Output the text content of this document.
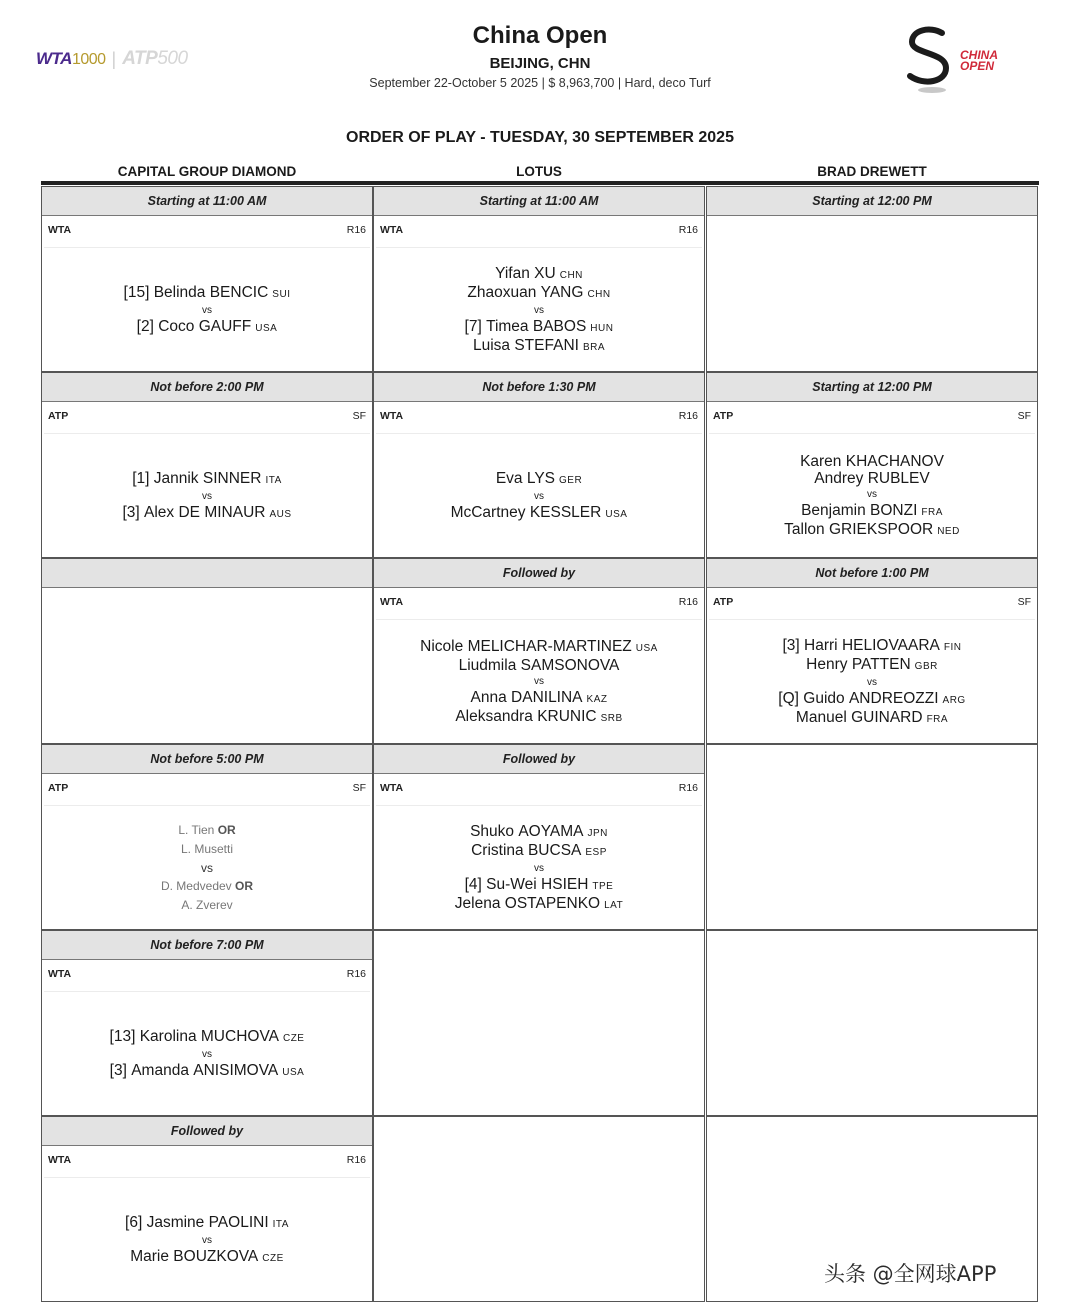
WTA1000 | ATP500
China Open
BEIJING, CHN
September 22-October 5 2025 | $ 8,963,700 | Hard, deco Turf
CHINA
OPEN
ORDER OF PLAY - TUESDAY, 30 SEPTEMBER 2025
CAPITAL GROUP DIAMOND	LOTUS	BRAD DREWETT
Starting at 11:00 AM
WTA	R16
[15] Belinda BENCIC SUI
vs
[2] Coco GAUFF USA
Not before 2:00 PM
ATP	SF
[1] Jannik SINNER ITA
vs
[3] Alex DE MINAUR AUS
Not before 5:00 PM
ATP	SF
L. Tien OR
L. Musetti
vs
D. Medvedev OR
A. Zverev
Not before 7:00 PM
WTA	R16
[13] Karolina MUCHOVA CZE
vs
[3] Amanda ANISIMOVA USA
Followed by
WTA	R16
[6] Jasmine PAOLINI ITA
vs
Marie BOUZKOVA CZE
Starting at 11:00 AM
WTA	R16
Yifan XU CHN
Zhaoxuan YANG CHN
vs
[7] Timea BABOS HUN
Luisa STEFANI BRA
Not before 1:30 PM
WTA	R16
Eva LYS GER
vs
McCartney KESSLER USA
Followed by
WTA	R16
Nicole MELICHAR-MARTINEZ USA
Liudmila SAMSONOVA
vs
Anna DANILINA KAZ
Aleksandra KRUNIC SRB
Followed by
WTA	R16
Shuko AOYAMA JPN
Cristina BUCSA ESP
vs
[4] Su-Wei HSIEH TPE
Jelena OSTAPENKO LAT
Starting at 12:00 PM
Starting at 12:00 PM
ATP	SF
Karen KHACHANOV
Andrey RUBLEV
vs
Benjamin BONZI FRA
Tallon GRIEKSPOOR NED
Not before 1:00 PM
ATP	SF
[3] Harri HELIOVAARA FIN
Henry PATTEN GBR
vs
[Q] Guido ANDREOZZI ARG
Manuel GUINARD FRA
头条 @全网球APP
